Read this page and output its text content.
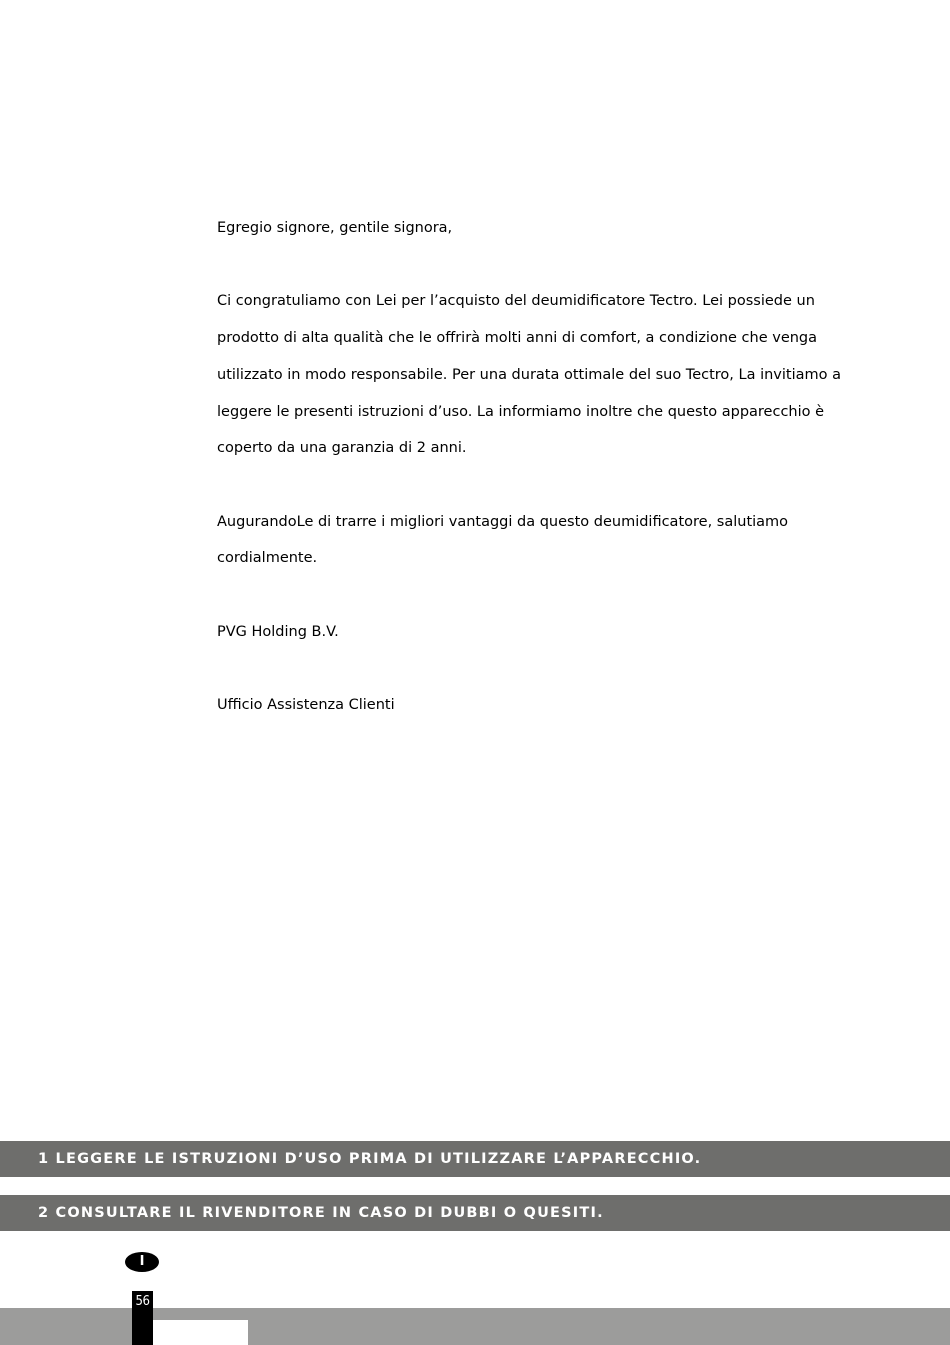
Egregio signore, gentile signora,

Ci congratuliamo con Lei per l’acquisto del deumidificatore Tectro. Lei possiede un prodotto di alta qualità che le offrirà molti anni di comfort, a condizione che venga utilizzato in modo responsabile. Per una durata ottimale del suo Tectro, La invitiamo a leggere le presenti istruzioni d’uso. La informiamo inoltre che questo apparecchio è coperto da una garanzia di 2 anni.

AugurandoLe di trarre i migliori vantaggi da questo deumidificatore, salutiamo cordialmente.

PVG Holding B.V.

Ufficio Assistenza Clienti

1 LEGGERE LE ISTRUZIONI D’USO PRIMA DI UTILIZZARE L’APPARECCHIO.
2 CONSULTARE IL RIVENDITORE IN CASO DI DUBBI O QUESITI.
I
56
